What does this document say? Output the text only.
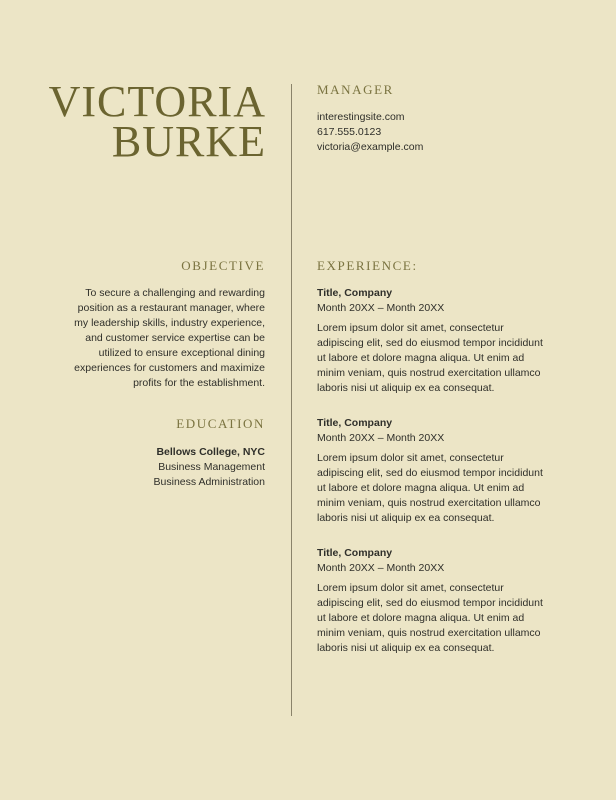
VICTORIA
BURKE
MANAGER
interestingsite.com
617.555.0123
victoria@example.com
OBJECTIVE
To secure a challenging and rewarding
position as a restaurant manager, where
my leadership skills, industry experience,
and customer service expertise can be
utilized to ensure exceptional dining
experiences for customers and maximize
profits for the establishment.
EDUCATION
Bellows College, NYC
Business Management
Business Administration
EXPERIENCE:
Title, Company
Month 20XX – Month 20XX
Lorem ipsum dolor sit amet, consectetur
adipiscing elit, sed do eiusmod tempor incididunt
ut labore et dolore magna aliqua. Ut enim ad
minim veniam, quis nostrud exercitation ullamco
laboris nisi ut aliquip ex ea consequat.
Title, Company
Month 20XX – Month 20XX
Lorem ipsum dolor sit amet, consectetur
adipiscing elit, sed do eiusmod tempor incididunt
ut labore et dolore magna aliqua. Ut enim ad
minim veniam, quis nostrud exercitation ullamco
laboris nisi ut aliquip ex ea consequat.
Title, Company
Month 20XX – Month 20XX
Lorem ipsum dolor sit amet, consectetur
adipiscing elit, sed do eiusmod tempor incididunt
ut labore et dolore magna aliqua. Ut enim ad
minim veniam, quis nostrud exercitation ullamco
laboris nisi ut aliquip ex ea consequat.
